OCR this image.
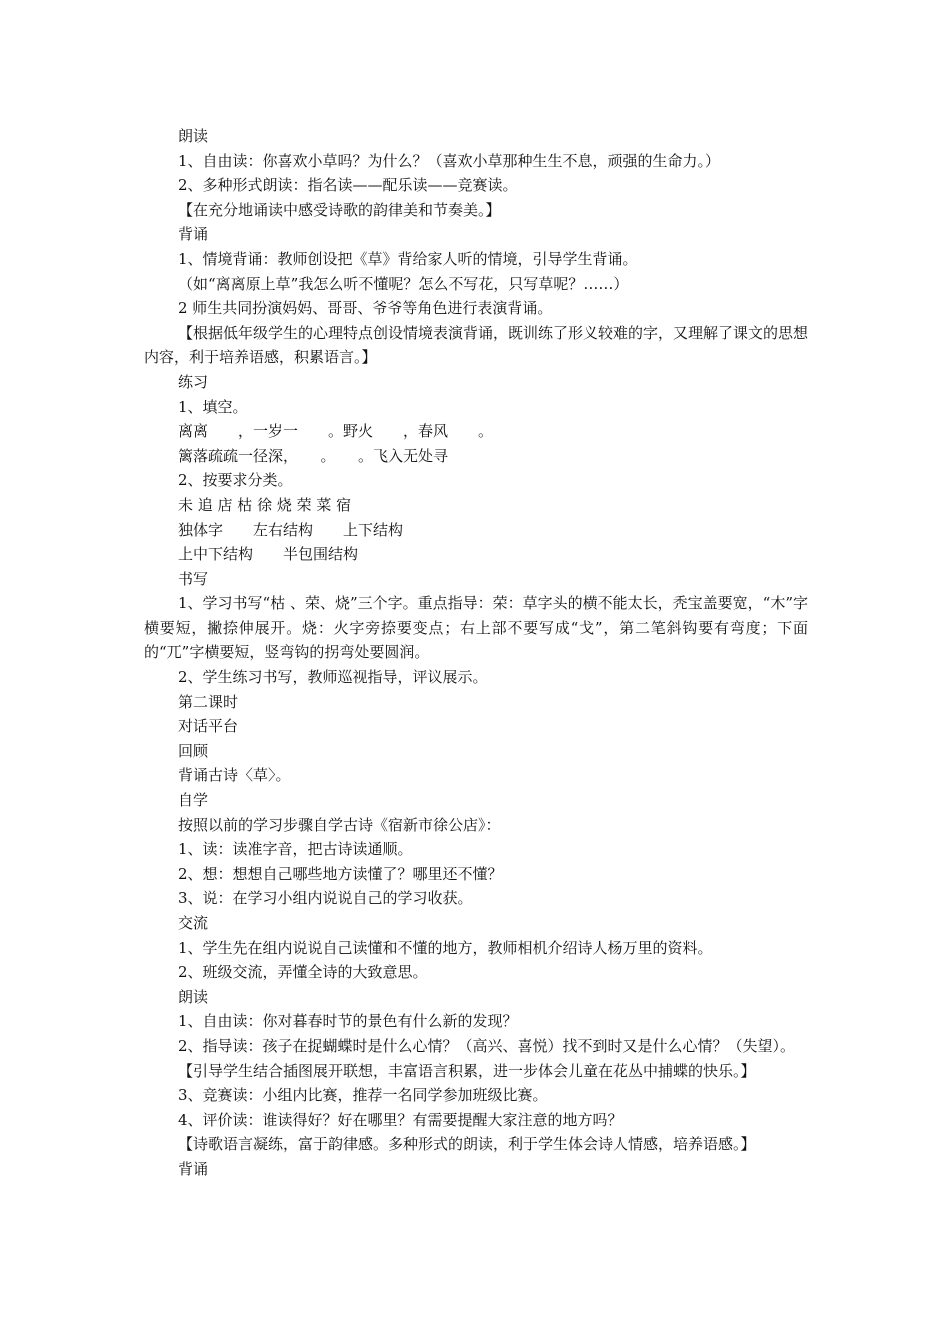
朗读
1、自由读：你喜欢小草吗？为什么？（喜欢小草那种生生不息，顽强的生命力。）
2、多种形式朗读：指名读——配乐读——竞赛读。
【在充分地诵读中感受诗歌的韵律美和节奏美。】
背诵
1、情境背诵：教师创设把《草》背给家人听的情境，引导学生背诵。
（如“离离原上草”我怎么听不懂呢？怎么不写花，只写草呢？……）
2 师生共同扮演妈妈、哥哥、爷爷等角色进行表演背诵。
【根据低年级学生的心理特点创设情境表演背诵，既训练了形义较难的字，又理解了课文的思想内容，利于培养语感，积累语言。】
练习
1、填空。
离离　　，一岁一　　。野火　　，春风　　。
篱落疏疏一径深，　　。　　。飞入无处寻
2、按要求分类。
未 追 店 枯 徐 烧 荣 菜 宿
独体字　　左右结构　　上下结构
上中下结构　　半包围结构
书写
1、学习书写“枯 、荣、烧”三个字。重点指导：荣：草字头的横不能太长，秃宝盖要宽，“木”字横要短，撇捺伸展开。烧：火字旁捺要变点；右上部不要写成“戈”，第二笔斜钩要有弯度；下面的“兀”字横要短，竖弯钩的拐弯处要圆润。
2、学生练习书写，教师巡视指导，评议展示。
第二课时
对话平台
回顾
背诵古诗〈草〉。
自学
按照以前的学习步骤自学古诗《宿新市徐公店》：
1、读：读准字音，把古诗读通顺。
2、想：想想自己哪些地方读懂了？哪里还不懂？
3、说：在学习小组内说说自己的学习收获。
交流
1、学生先在组内说说自己读懂和不懂的地方，教师相机介绍诗人杨万里的资料。
2、班级交流，弄懂全诗的大致意思。
朗读
1、自由读：你对暮春时节的景色有什么新的发现？
2、指导读：孩子在捉蝴蝶时是什么心情？（高兴、喜悦）找不到时又是什么心情？（失望）。
【引导学生结合插图展开联想，丰富语言积累，进一步体会儿童在花丛中捕蝶的快乐。】
3、竞赛读：小组内比赛，推荐一名同学参加班级比赛。
4、评价读：谁读得好？好在哪里？有需要提醒大家注意的地方吗？
【诗歌语言凝练，富于韵律感。多种形式的朗读，利于学生体会诗人情感，培养语感。】
背诵
